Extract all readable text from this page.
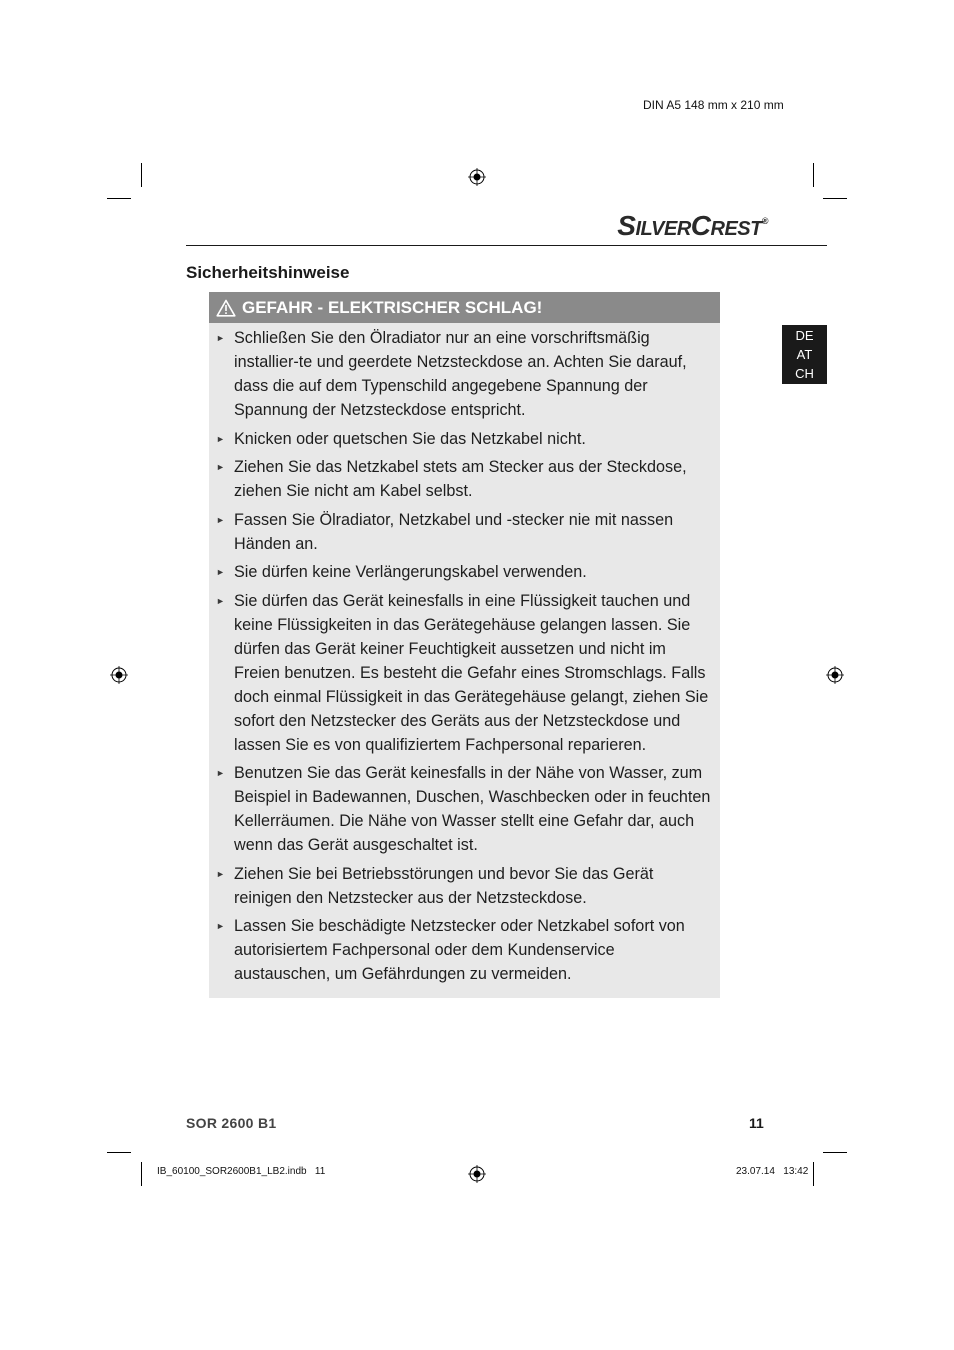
DIN A5 148 mm x 210 mm
SILVERCREST®
Sicherheitshinweise
DE
AT
CH
GEFAHR - ELEKTRISCHER SCHLAG!
► Schließen Sie den Ölradiator nur an eine vorschriftsmäßig installier-te und geerdete Netzsteckdose an. Achten Sie darauf, dass die auf dem Typenschild angegebene Spannung der Spannung der Netzsteckdose entspricht.
► Knicken oder quetschen Sie das Netzkabel nicht.
► Ziehen Sie das Netzkabel stets am Stecker aus der Steckdose, ziehen Sie nicht am Kabel selbst.
► Fassen Sie Ölradiator, Netzkabel und -stecker nie mit nassen Händen an.
► Sie dürfen keine Verlängerungskabel verwenden.
► Sie dürfen das Gerät keinesfalls in eine Flüssigkeit tauchen und keine Flüssigkeiten in das Gerätegehäuse gelangen lassen. Sie dürfen das Gerät keiner Feuchtigkeit aussetzen und nicht im Freien benutzen. Es besteht die Gefahr eines Stromschlags. Falls doch einmal Flüssigkeit in das Gerätegehäuse gelangt, ziehen Sie sofort den Netzstecker des Geräts aus der Netzsteckdose und lassen Sie es von qualifiziertem Fachpersonal reparieren.
► Benutzen Sie das Gerät keinesfalls in der Nähe von Wasser, zum Beispiel in Badewannen, Duschen, Waschbecken oder in feuchten Kellerräumen. Die Nähe von Wasser stellt eine Gefahr dar, auch wenn das Gerät ausgeschaltet ist.
► Ziehen Sie bei Betriebsstörungen und bevor Sie das Gerät reinigen den Netzstecker aus der Netzsteckdose.
► Lassen Sie beschädigte Netzstecker oder Netzkabel sofort von autorisiertem Fachpersonal oder dem Kundenservice austauschen, um Gefährdungen zu vermeiden.
SOR 2600 B1	11
IB_60100_SOR2600B1_LB2.indb   11	23.07.14   13:42
